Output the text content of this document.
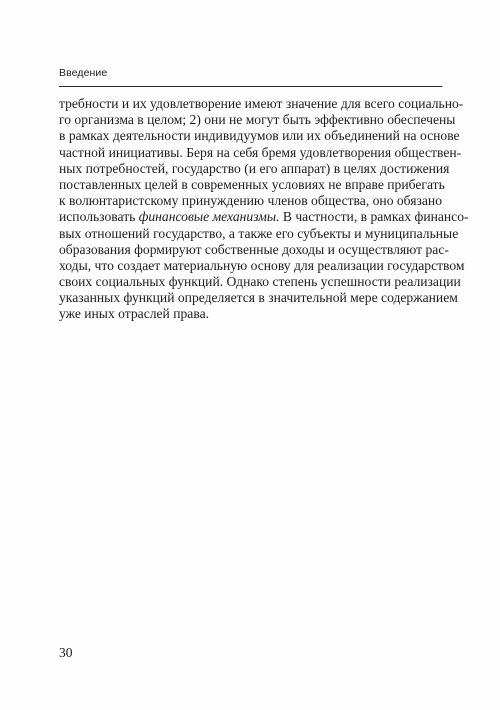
Введение
требности и их удовлетворение имеют значение для всего социально-
го организма в целом; 2) они не могут быть эффективно обеспечены
в рамках деятельности индивидуумов или их объединений на основе
частной инициативы. Беря на себя бремя удовлетворения обществен-
ных потребностей, государство (и его аппарат) в целях достижения
поставленных целей в современных условиях не вправе прибегать
к волюнтаристскому принуждению членов общества, оно обязано
использовать финансовые механизмы. В частности, в рамках финансо-
вых отношений государство, а также его субъекты и муниципальные
образования формируют собственные доходы и осуществляют рас-
ходы, что создает материальную основу для реализации государством
своих социальных функций. Однако степень успешности реализации
указанных функций определяется в значительной мере содержанием
уже иных отраслей права.
30
